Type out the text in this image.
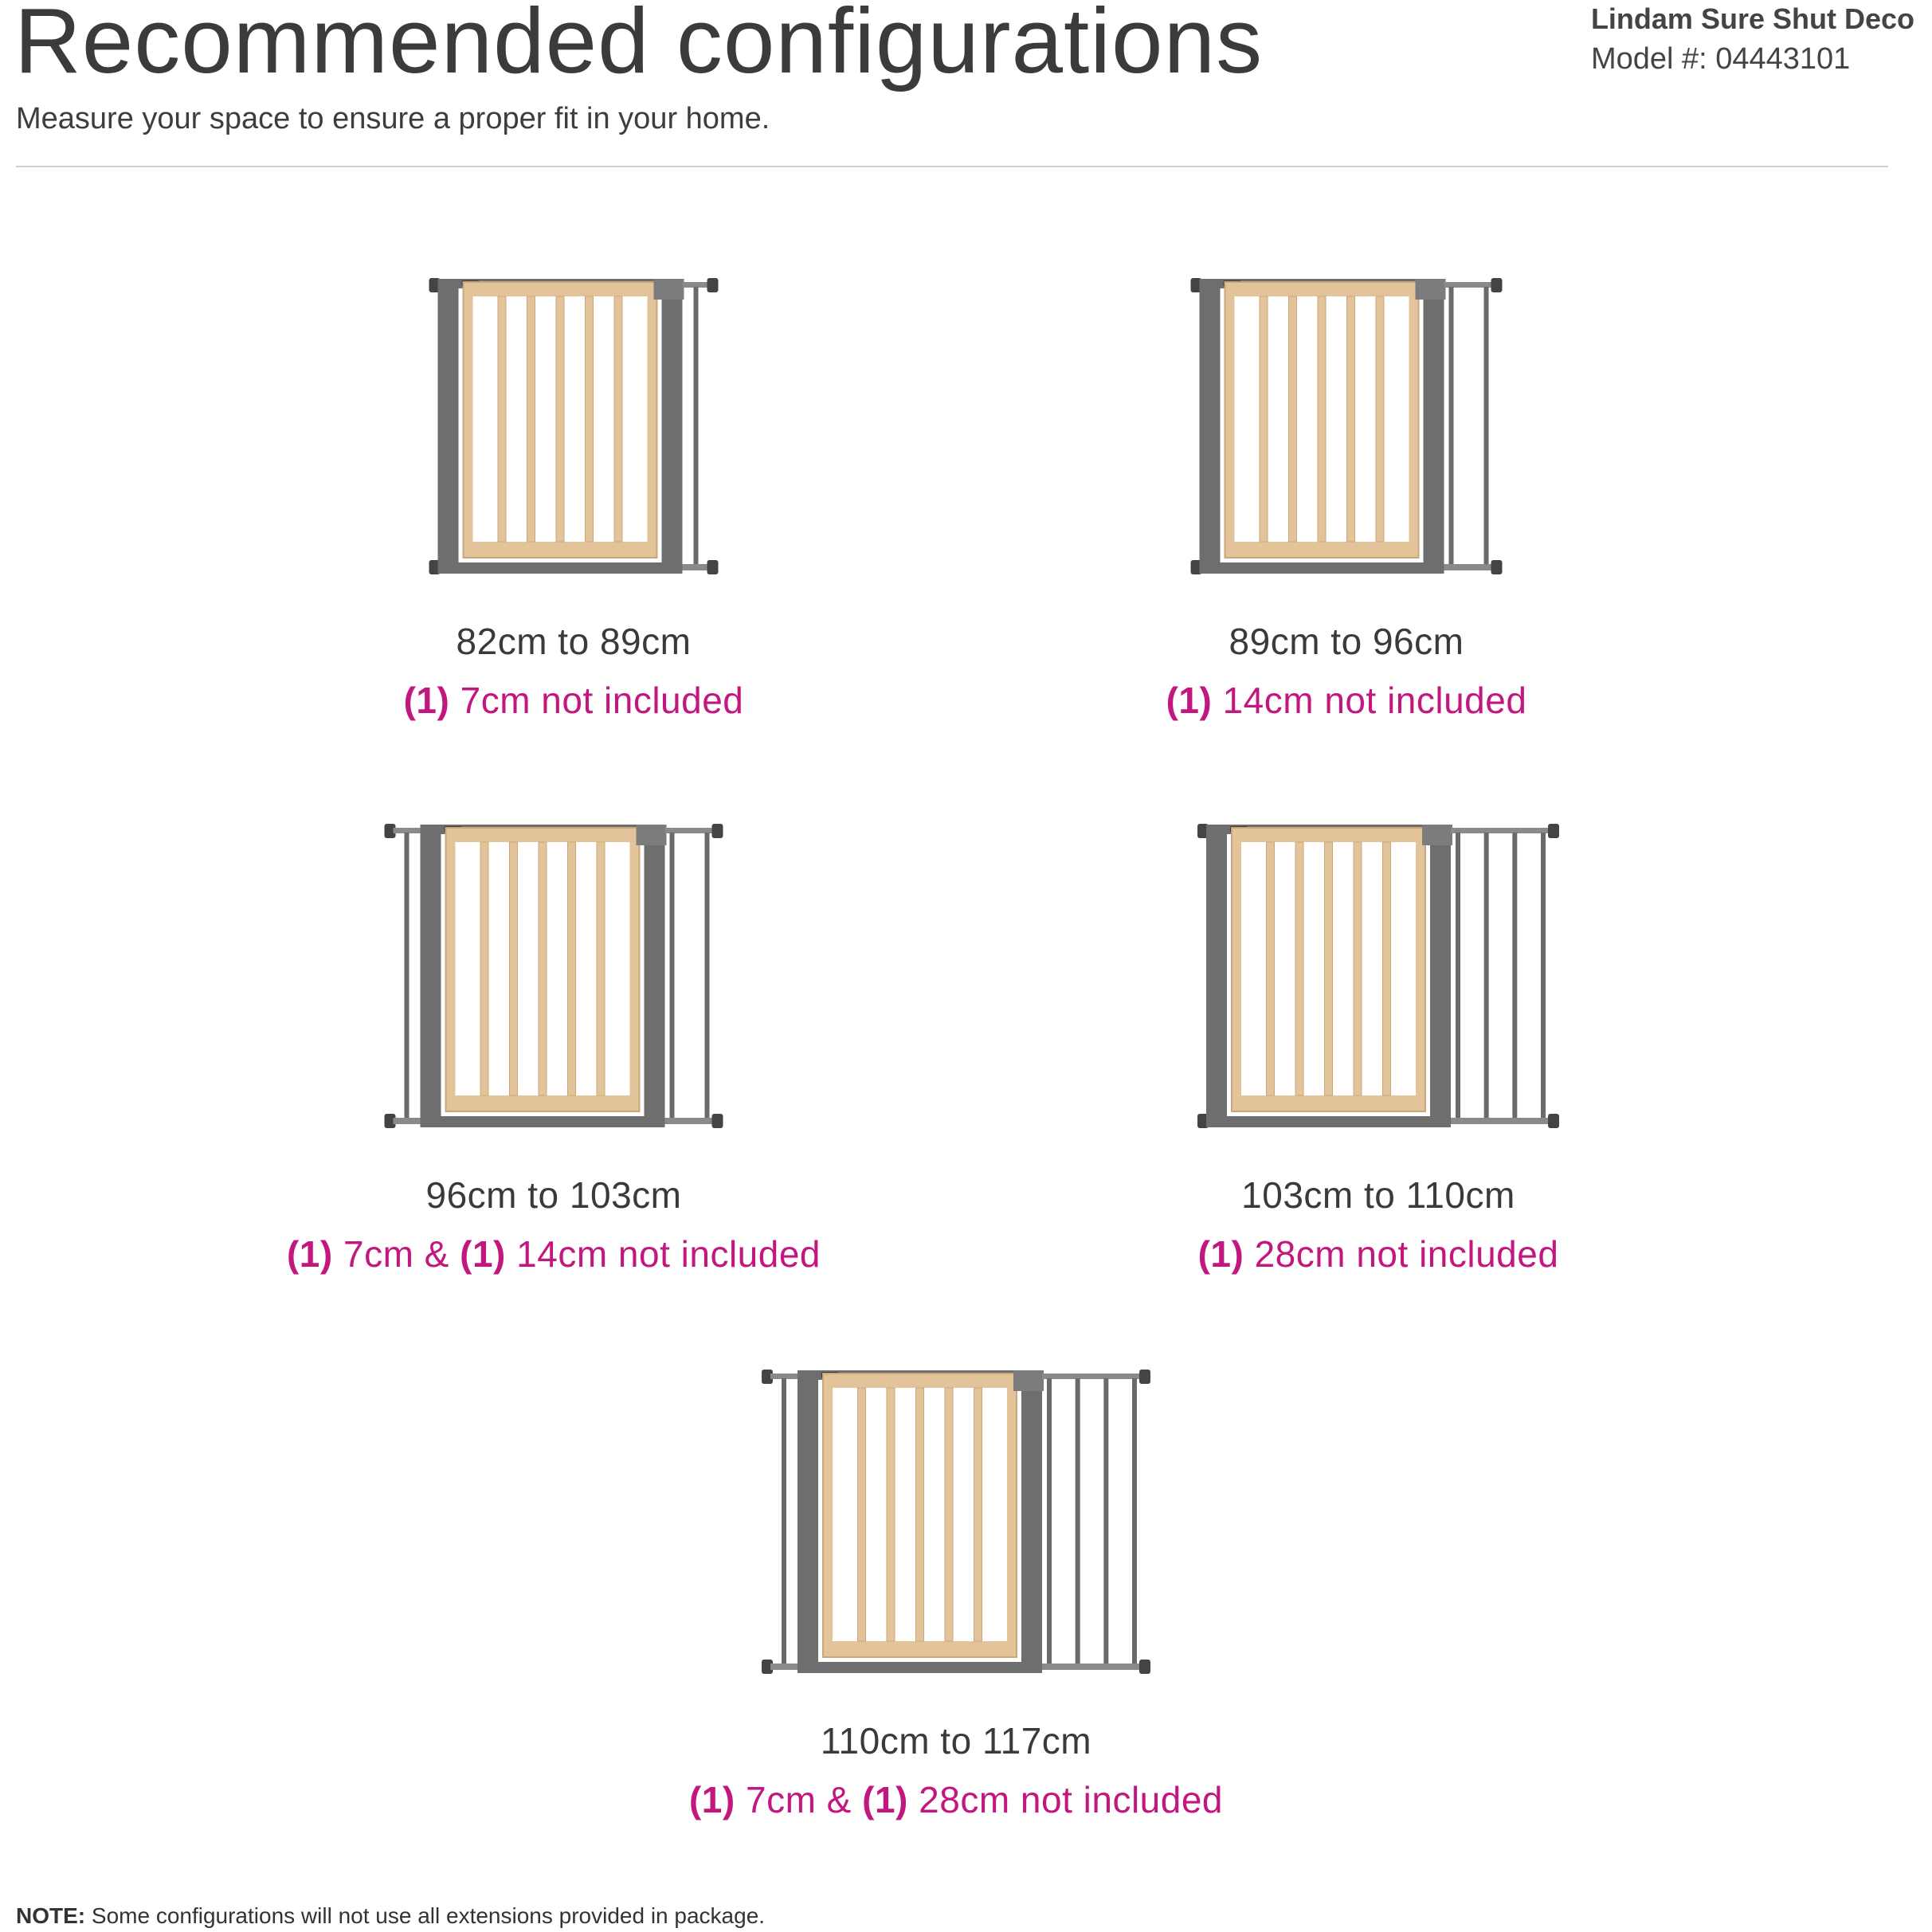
Recommended configurations
Measure your space to ensure a proper fit in your home.
Lindam Sure Shut Deco
Model #: 04443101
82cm to 89cm
(1) 7cm not included
89cm to 96cm
(1) 14cm not included
96cm to 103cm
(1) 7cm & (1) 14cm not included
103cm to 110cm
(1) 28cm not included
110cm to 117cm
(1) 7cm & (1) 28cm not included
NOTE: Some configurations will not use all extensions provided in package.
